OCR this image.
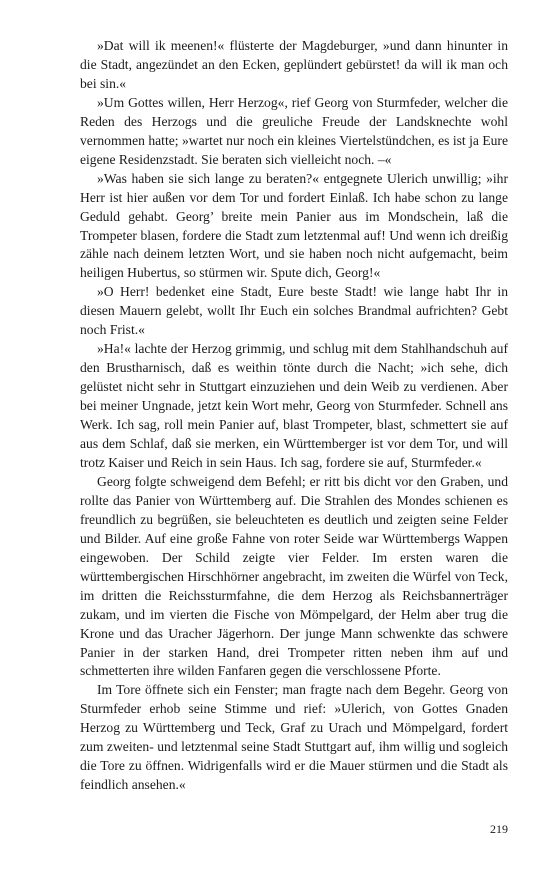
»Dat will ik meenen!« flüsterte der Magdeburger, »und dann hinunter in die Stadt, angezündet an den Ecken, geplündert gebürstet! da will ik man och bei sin.«

»Um Gottes willen, Herr Herzog«, rief Georg von Sturmfeder, welcher die Reden des Herzogs und die greuliche Freude der Landsknechte wohl vernommen hatte; »wartet nur noch ein kleines Viertelstündchen, es ist ja Eure eigene Residenzstadt. Sie beraten sich vielleicht noch. –«

»Was haben sie sich lange zu beraten?« entgegnete Ulerich unwillig; »ihr Herr ist hier außen vor dem Tor und fordert Einlaß. Ich habe schon zu lange Geduld gehabt. Georg’ breite mein Panier aus im Mondschein, laß die Trompeter blasen, fordere die Stadt zum letztenmal auf! Und wenn ich dreißig zähle nach deinem letzten Wort, und sie haben noch nicht aufgemacht, beim heiligen Hubertus, so stürmen wir. Spute dich, Georg!«

»O Herr! bedenket eine Stadt, Eure beste Stadt! wie lange habt Ihr in diesen Mauern gelebt, wollt Ihr Euch ein solches Brandmal aufrichten? Gebt noch Frist.«

»Ha!« lachte der Herzog grimmig, und schlug mit dem Stahlhandschuh auf den Brustharnisch, daß es weithin tönte durch die Nacht; »ich sehe, dich gelüstet nicht sehr in Stuttgart einzuziehen und dein Weib zu verdienen. Aber bei meiner Ungnade, jetzt kein Wort mehr, Georg von Sturmfeder. Schnell ans Werk. Ich sag, roll mein Panier auf, blast Trompeter, blast, schmettert sie auf aus dem Schlaf, daß sie merken, ein Württemberger ist vor dem Tor, und will trotz Kaiser und Reich in sein Haus. Ich sag, fordere sie auf, Sturmfeder.«

Georg folgte schweigend dem Befehl; er ritt bis dicht vor den Graben, und rollte das Panier von Württemberg auf. Die Strahlen des Mondes schienen es freundlich zu begrüßen, sie beleuchteten es deutlich und zeigten seine Felder und Bilder. Auf eine große Fahne von roter Seide war Württembergs Wappen eingewoben. Der Schild zeigte vier Felder. Im ersten waren die württembergischen Hirschhörner angebracht, im zweiten die Würfel von Teck, im dritten die Reichssturmfahne, die dem Herzog als Reichsbannerträger zukam, und im vierten die Fische von Mömpelgard, der Helm aber trug die Krone und das Uracher Jägerhorn. Der junge Mann schwenkte das schwere Panier in der starken Hand, drei Trompeter ritten neben ihm auf und schmetterten ihre wilden Fanfaren gegen die verschlossene Pforte.

Im Tore öffnete sich ein Fenster; man fragte nach dem Begehr. Georg von Sturmfeder erhob seine Stimme und rief: »Ulerich, von Gottes Gnaden Herzog zu Württemberg und Teck, Graf zu Urach und Mömpelgard, fordert zum zweiten- und letztenmal seine Stadt Stuttgart auf, ihm willig und sogleich die Tore zu öffnen. Widrigenfalls wird er die Mauer stürmen und die Stadt als feindlich ansehen.«

219
